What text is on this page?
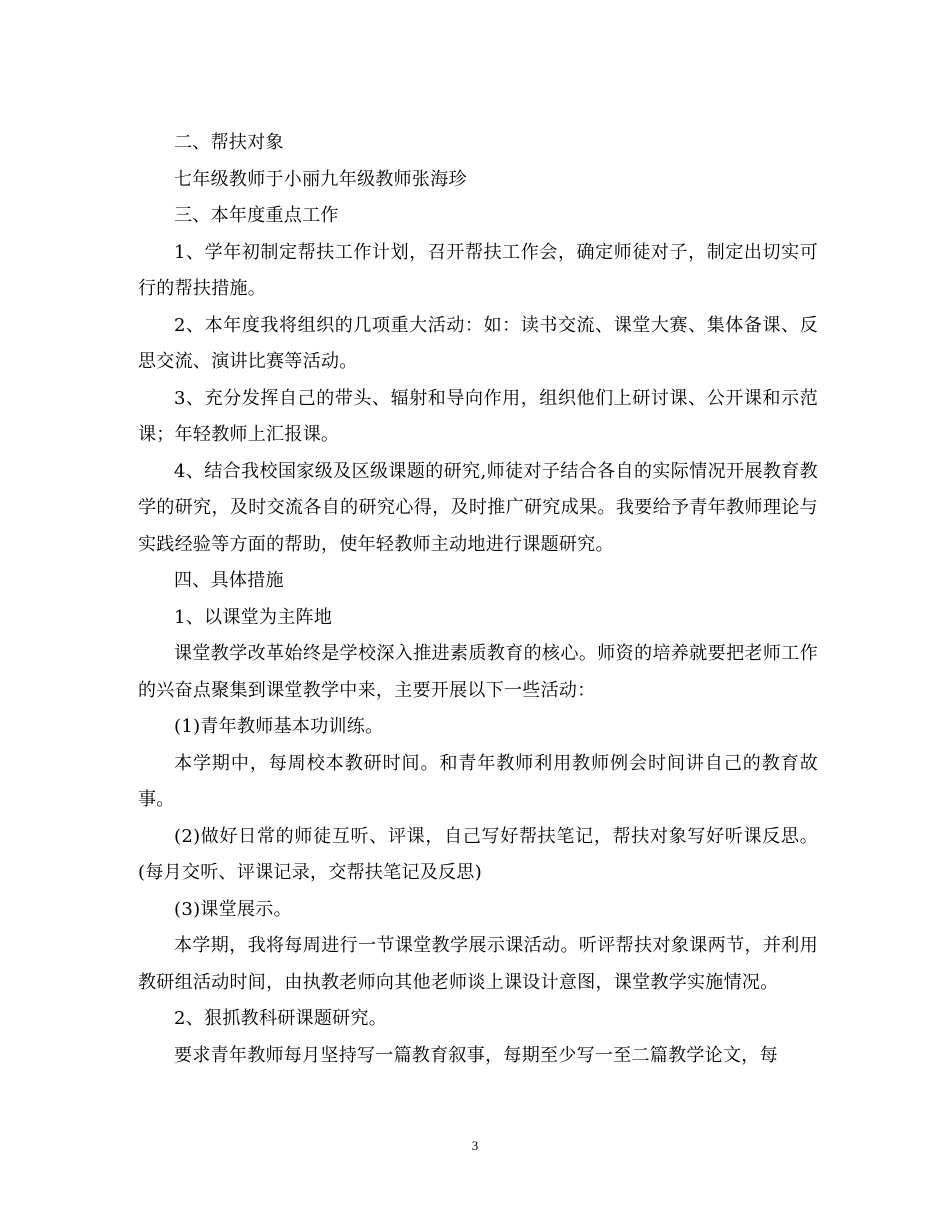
二、帮扶对象

七年级教师于小丽九年级教师张海珍

三、本年度重点工作

1、学年初制定帮扶工作计划，召开帮扶工作会，确定师徒对子，制定出切实可行的帮扶措施。

2、本年度我将组织的几项重大活动：如：读书交流、课堂大赛、集体备课、反思交流、演讲比赛等活动。

3、充分发挥自己的带头、辐射和导向作用，组织他们上研讨课、公开课和示范课；年轻教师上汇报课。

4、结合我校国家级及区级课题的研究,师徒对子结合各自的实际情况开展教育教学的研究，及时交流各自的研究心得，及时推广研究成果。我要给予青年教师理论与实践经验等方面的帮助，使年轻教师主动地进行课题研究。

四、具体措施

1、以课堂为主阵地

课堂教学改革始终是学校深入推进素质教育的核心。师资的培养就要把老师工作的兴奋点聚集到课堂教学中来，主要开展以下一些活动：

(1)青年教师基本功训练。

本学期中，每周校本教研时间。和青年教师利用教师例会时间讲自己的教育故事。

(2)做好日常的师徒互听、评课，自己写好帮扶笔记，帮扶对象写好听课反思。(每月交听、评课记录，交帮扶笔记及反思)

(3)课堂展示。

本学期，我将每周进行一节课堂教学展示课活动。听评帮扶对象课两节，并利用教研组活动时间，由执教老师向其他老师谈上课设计意图，课堂教学实施情况。

2、狠抓教科研课题研究。

要求青年教师每月坚持写一篇教育叙事，每期至少写一至二篇教学论文，每

3
